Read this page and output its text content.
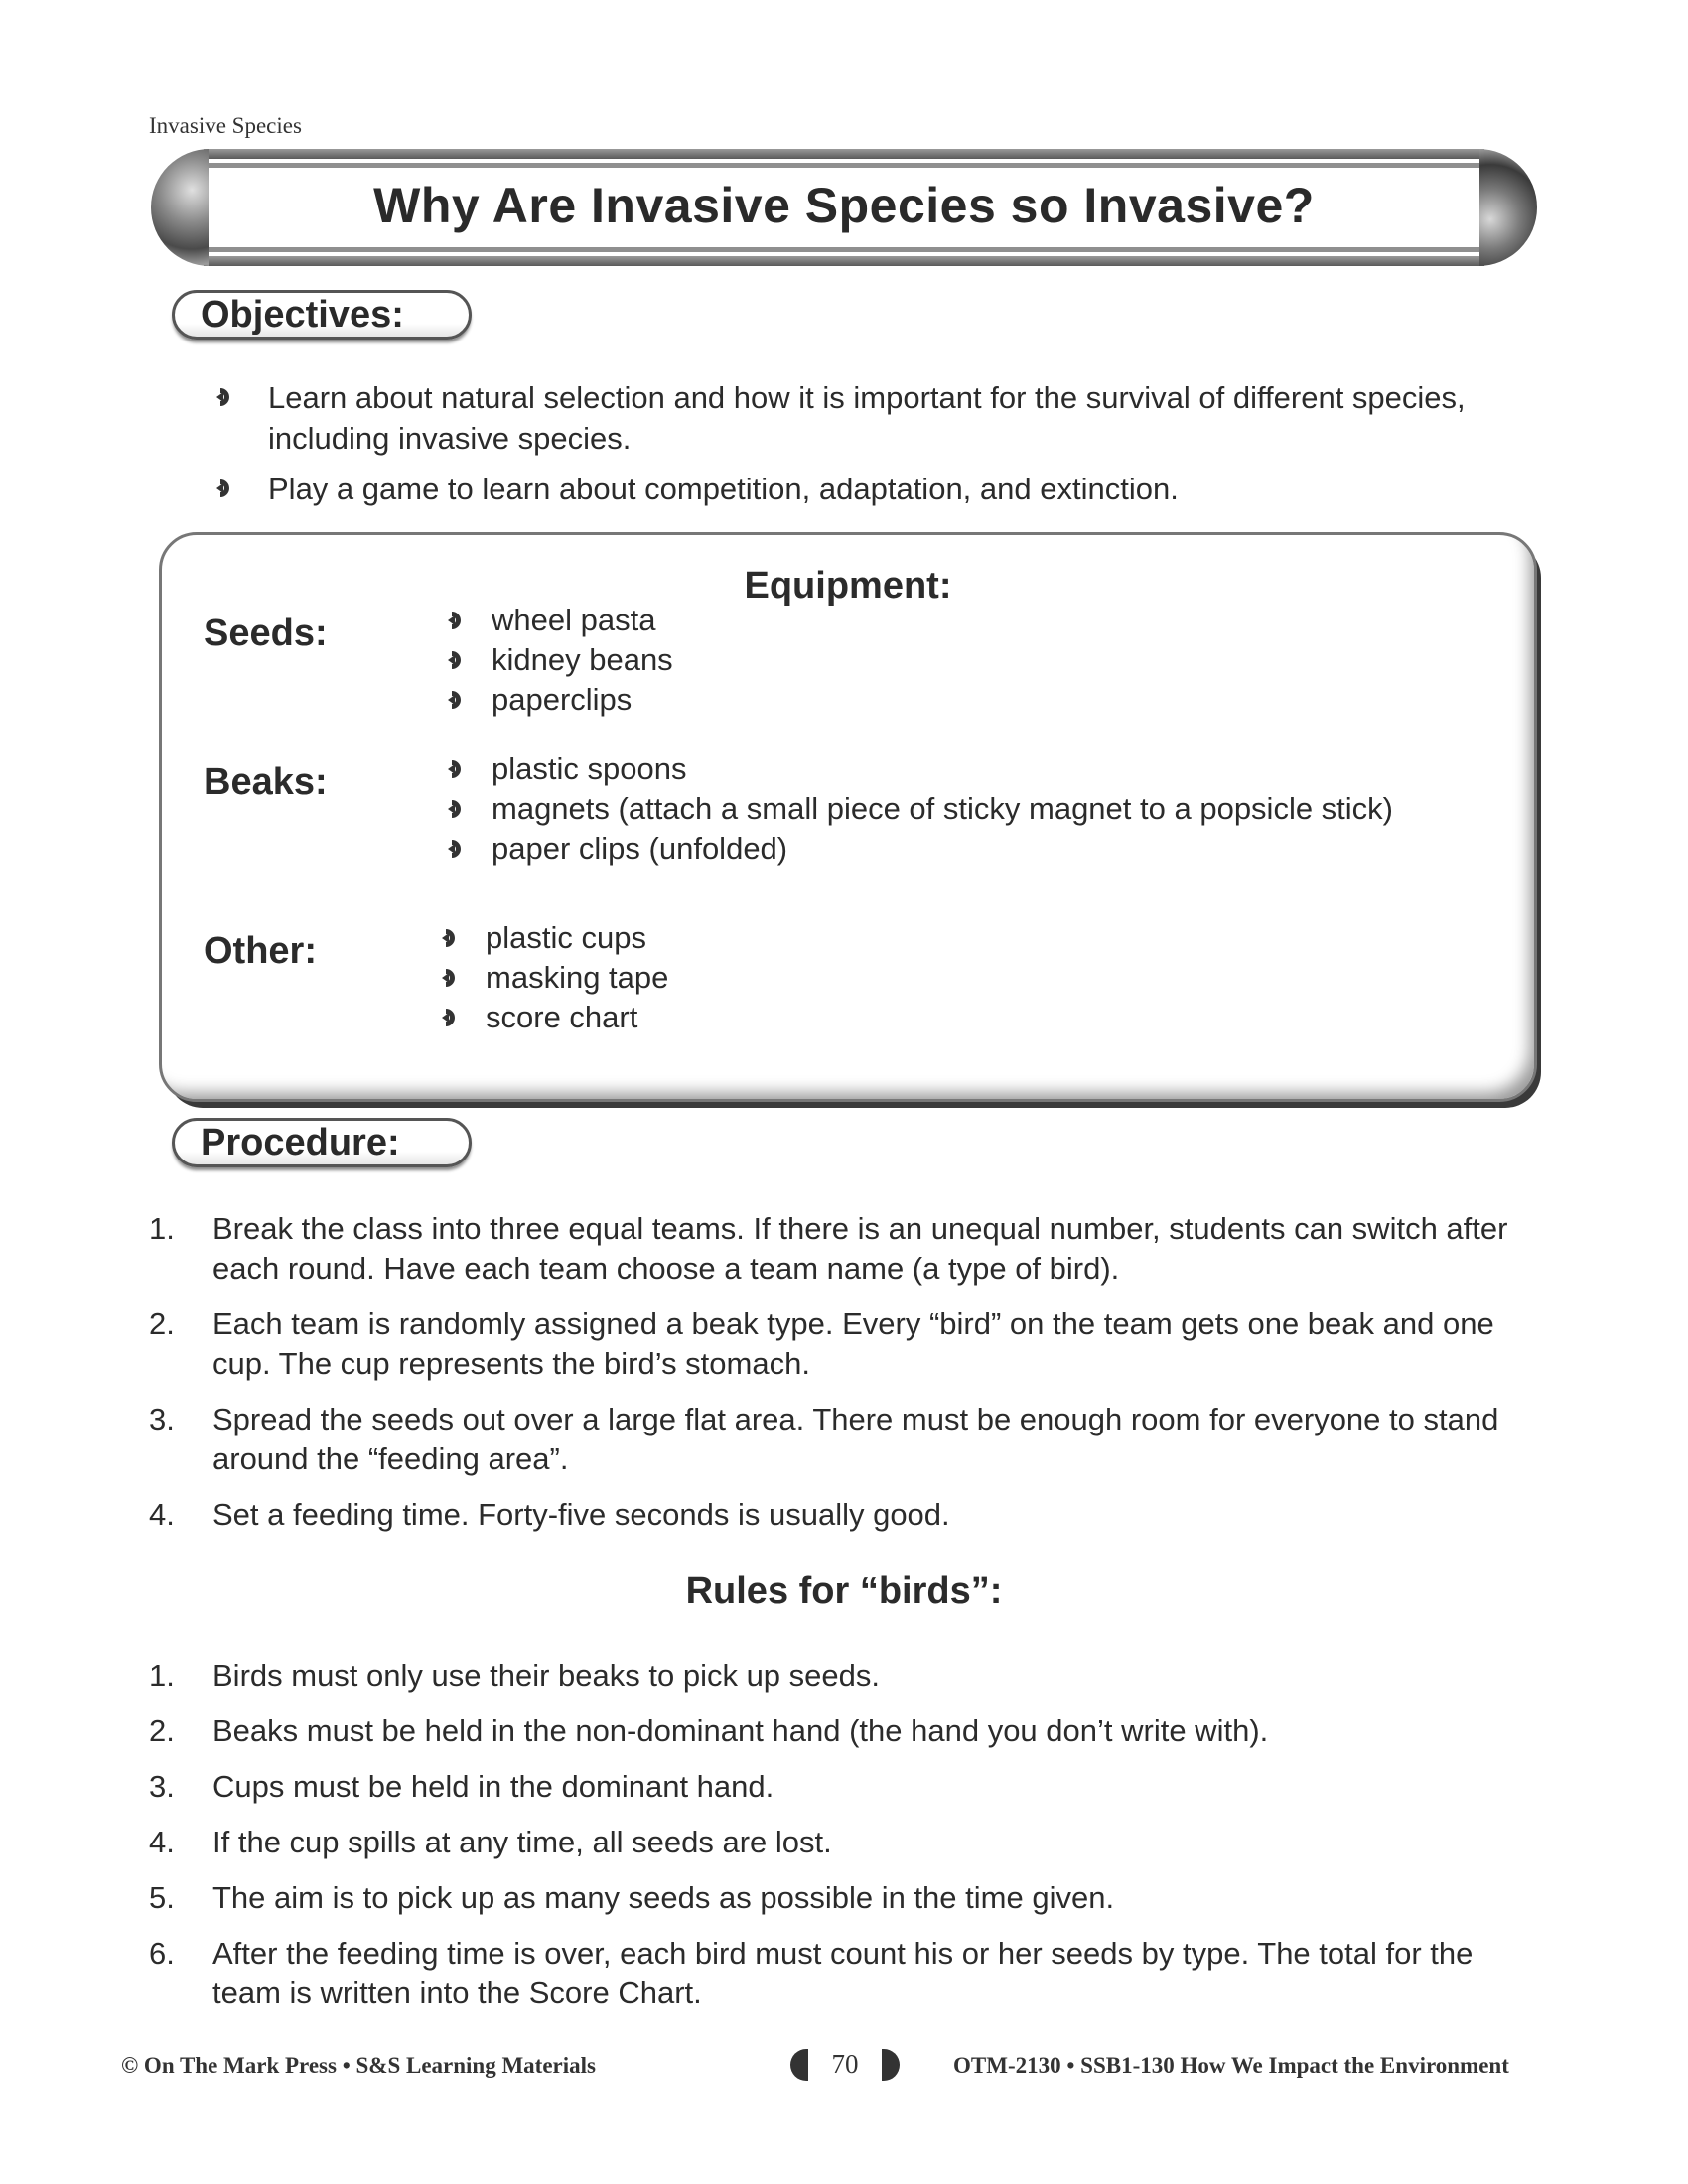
Invasive Species
Why Are Invasive Species so Invasive?
Objectives:
Learn about natural selection and how it is important for the survival of different species, including invasive species.
Play a game to learn about competition, adaptation, and extinction.
Equipment:
Seeds:	wheel pasta
kidney beans
paperclips
Beaks:	plastic spoons
magnets (attach a small piece of sticky magnet to a popsicle stick)
paper clips (unfolded)
Other:	plastic cups
masking tape
score chart
Procedure:
1. Break the class into three equal teams. If there is an unequal number, students can switch after each round. Have each team choose a team name (a type of bird).
2. Each team is randomly assigned a beak type. Every “bird” on the team gets one beak and one cup. The cup represents the bird’s stomach.
3. Spread the seeds out over a large flat area. There must be enough room for everyone to stand around the “feeding area”.
4. Set a feeding time. Forty-five seconds is usually good.
Rules for “birds”:
1. Birds must only use their beaks to pick up seeds.
2. Beaks must be held in the non-dominant hand (the hand you don’t write with).
3. Cups must be held in the dominant hand.
4. If the cup spills at any time, all seeds are lost.
5. The aim is to pick up as many seeds as possible in the time given.
6. After the feeding time is over, each bird must count his or her seeds by type. The total for the team is written into the Score Chart.
© On The Mark Press • S&S Learning Materials	70	OTM-2130 • SSB1-130 How We Impact the Environment
